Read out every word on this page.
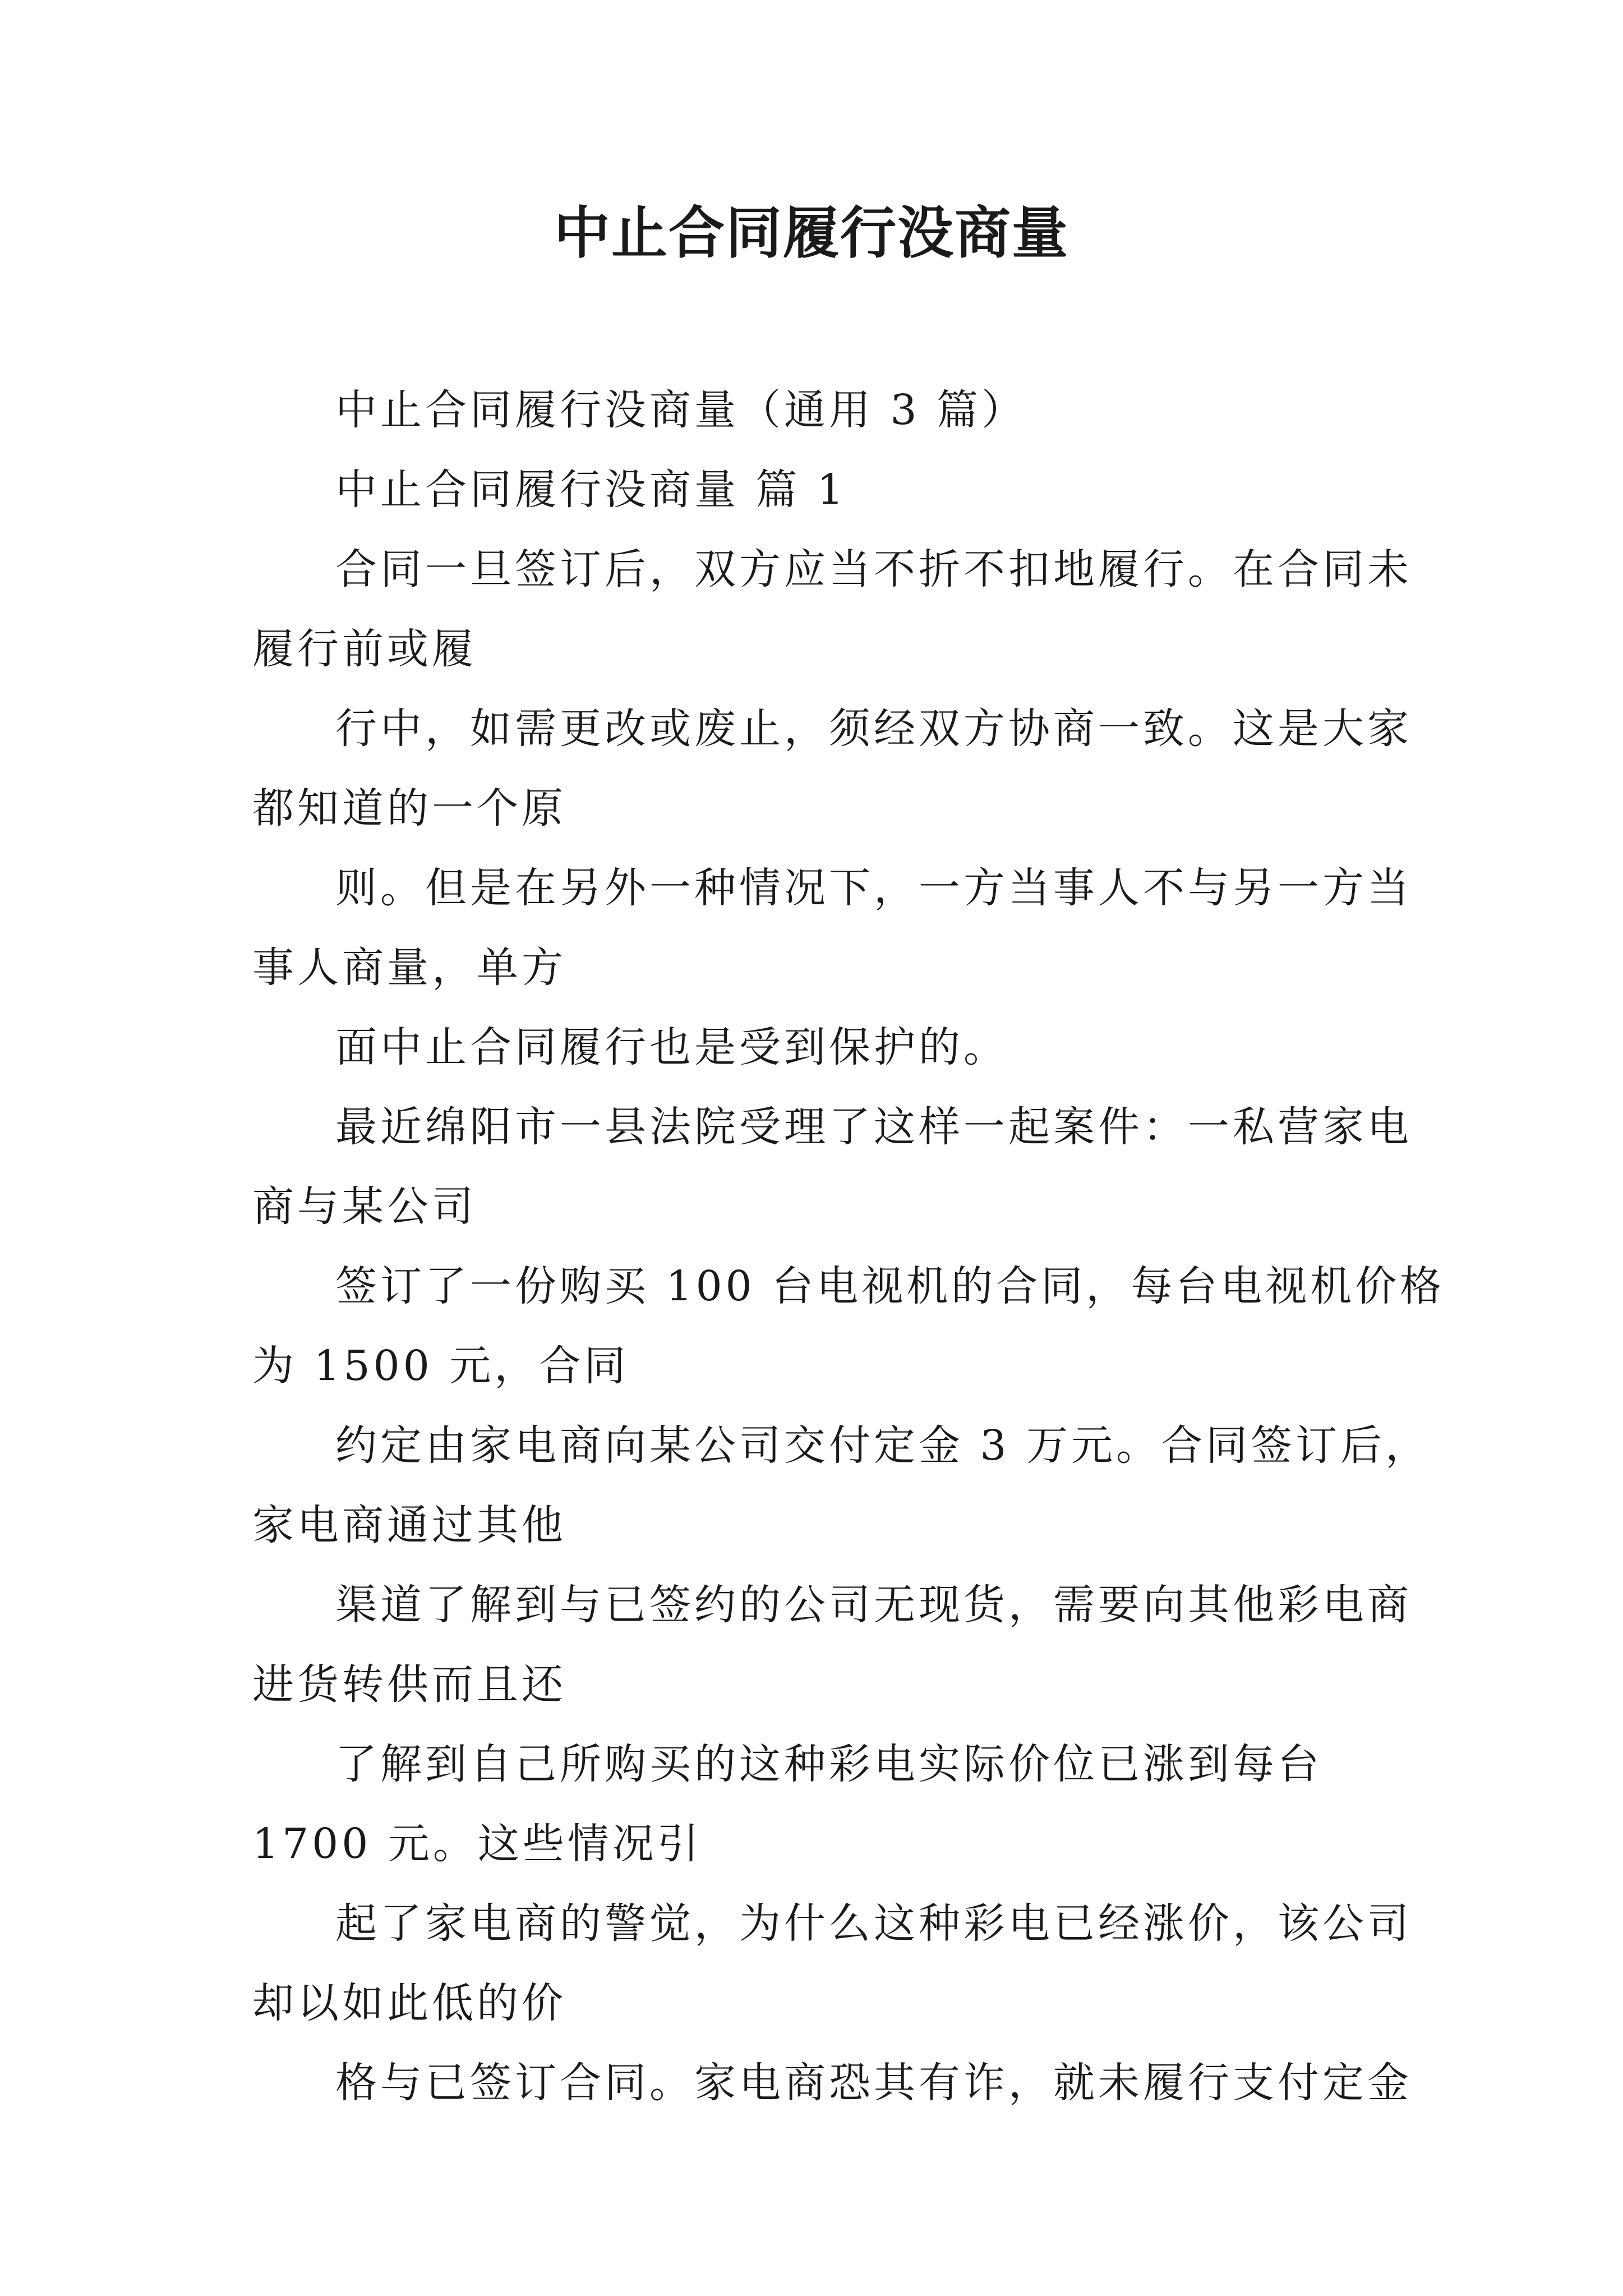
中止合同履行没商量

中止合同履行没商量（通用 3 篇）

中止合同履行没商量 篇 1

合同一旦签订后，双方应当不折不扣地履行。在合同未
履行前或履

行中，如需更改或废止，须经双方协商一致。这是大家
都知道的一个原

则。但是在另外一种情况下，一方当事人不与另一方当
事人商量，单方

面中止合同履行也是受到保护的。

最近绵阳市一县法院受理了这样一起案件：一私营家电
商与某公司

签订了一份购买 100 台电视机的合同，每台电视机价格
为 1500 元，合同

约定由家电商向某公司交付定金 3 万元。合同签订后，
家电商通过其他

渠道了解到与已签约的公司无现货，需要向其他彩电商
进货转供而且还

了解到自己所购买的这种彩电实际价位已涨到每台
1700 元。这些情况引

起了家电商的警觉，为什么这种彩电已经涨价，该公司
却以如此低的价

格与已签订合同。家电商恐其有诈，就未履行支付定金
